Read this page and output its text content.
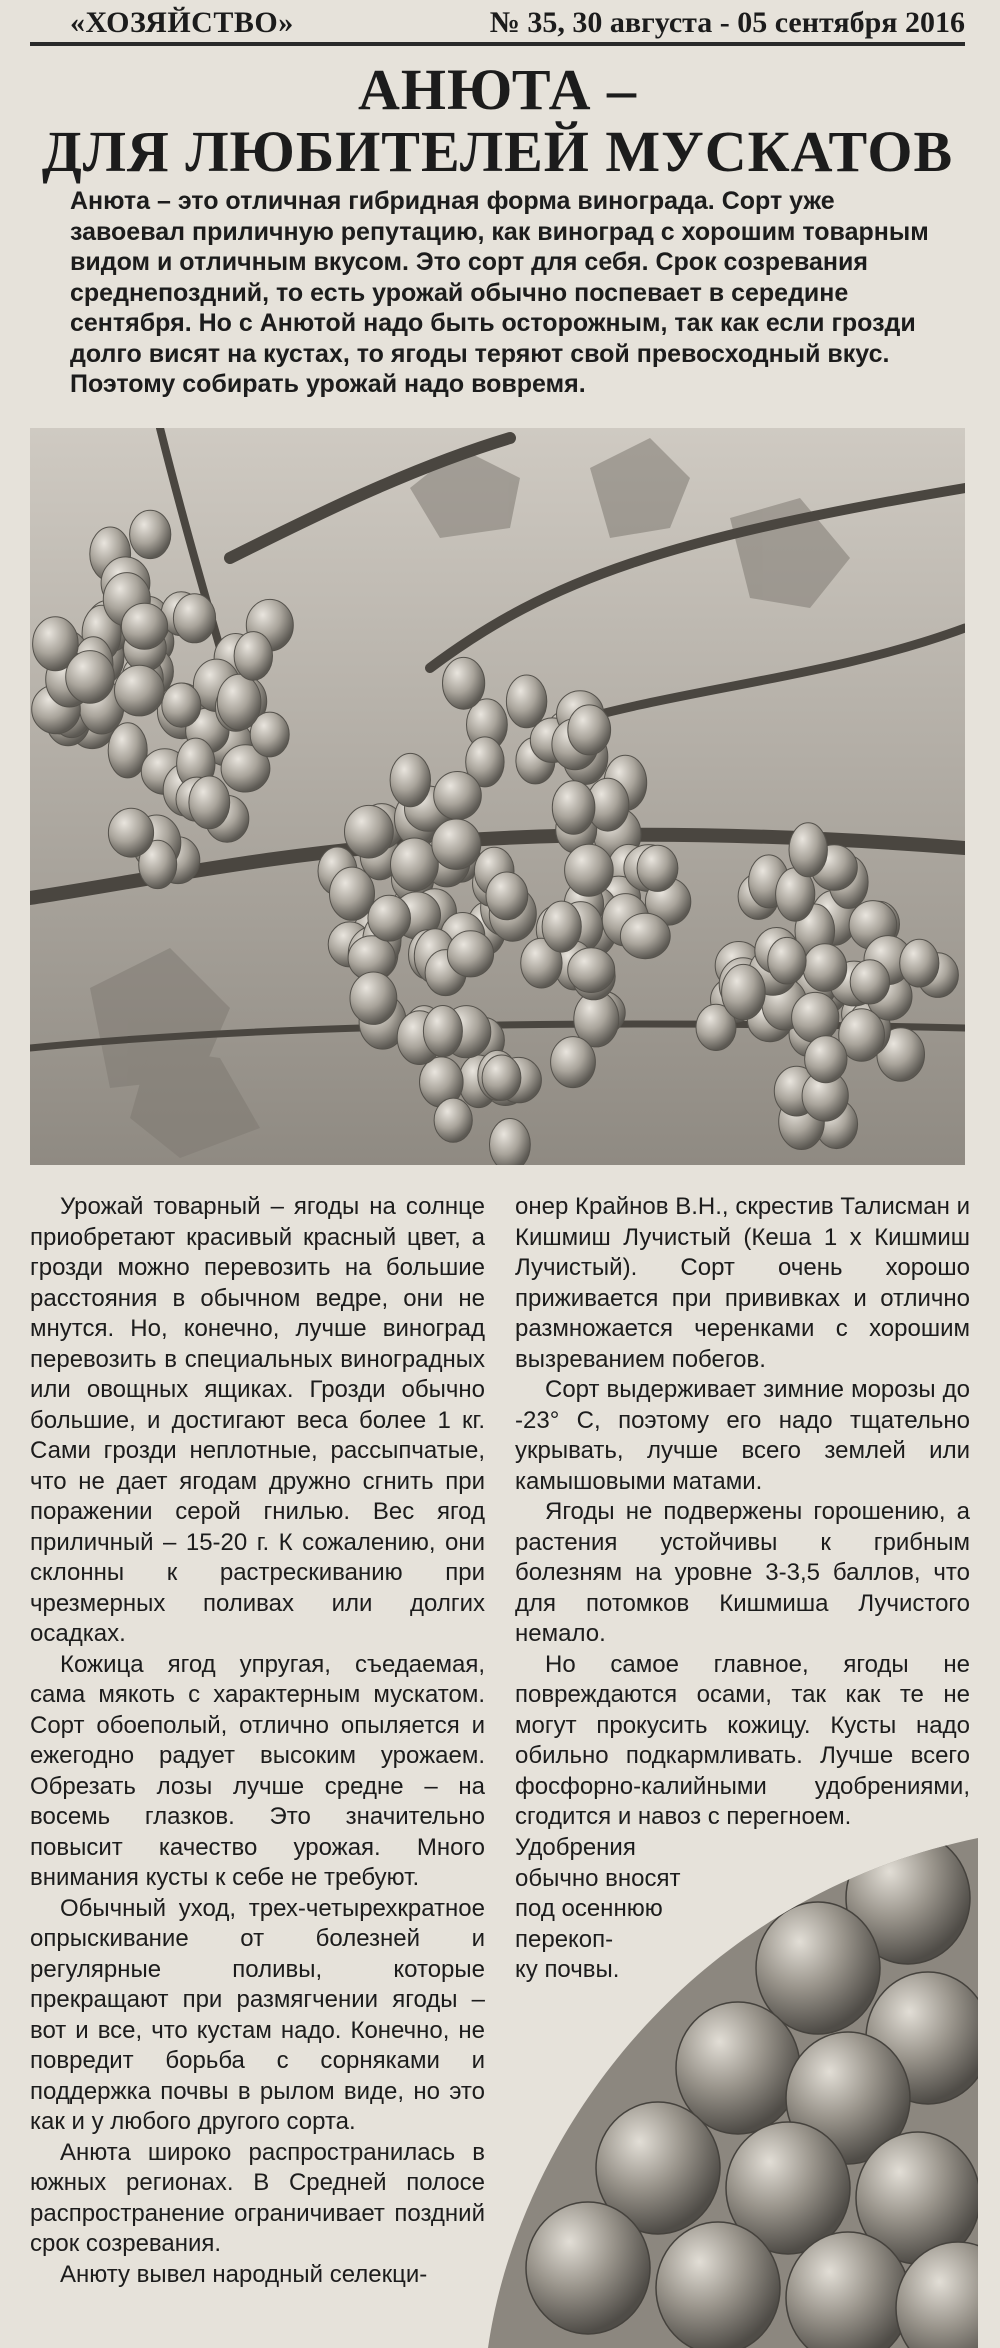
«ХОЗЯЙСТВО»	№ 35, 30 августа - 05 сентября 2016
АНЮТА –
ДЛЯ ЛЮБИТЕЛЕЙ МУСКАТОВ

Анюта – это отличная гибридная форма винограда. Сорт уже завоевал приличную репутацию, как виноград с хорошим товарным видом и отличным вкусом. Это сорт для себя. Срок созревания среднепоздний, то есть урожай обычно поспевает в середине сентября. Но с Анютой надо быть осторожным, так как если грозди долго висят на кустах, то ягоды теряют свой превосходный вкус. Поэтому собирать урожай надо вовремя.

Урожай товарный – ягоды на солнце приобретают красивый красный цвет, а грозди можно перевозить на большие расстояния в обычном ведре, они не мнутся. Но, конечно, лучше виноград перевозить в специальных виноградных или овощных ящиках. Грозди обычно большие, и достигают веса более 1 кг. Сами грозди неплотные, рассыпчатые, что не дает ягодам дружно сгнить при поражении серой гнилью. Вес ягод приличный – 15-20 г. К сожалению, они склонны к растрескиванию при чрезмерных поливах или долгих осадках.

Кожица ягод упругая, съедаемая, сама мякоть с характерным мускатом. Сорт обоеполый, отлично опыляется и ежегодно радует высоким урожаем. Обрезать лозы лучше средне – на восемь глазков. Это значительно повысит качество урожая. Много внимания кусты к себе не требуют.

Обычный уход, трех-четырехкратное опрыскивание от болезней и регулярные поливы, которые прекращают при размягчении ягоды – вот и все, что кустам надо. Конечно, не повредит борьба с сорняками и поддержка почвы в рылом виде, но это как и у любого другого сорта.

Анюта широко распространилась в южных регионах. В Средней полосе распространение ограничивает поздний срок созревания.

Анюту вывел народный селекци-

онер Крайнов В.Н., скрестив Талисман и Кишмиш Лучистый (Кеша 1 х Кишмиш Лучистый). Сорт очень хорошо приживается при прививках и отлично размножается черенками с хорошим вызреванием побегов.

Сорт выдерживает зимние морозы до -23° С, поэтому его надо тщательно укрывать, лучше всего землей или камышовыми матами.

Ягоды не подвержены горошению, а растения устойчивы к грибным болезням на уровне 3-3,5 баллов, что для потомков Кишмиша Лучистого немало.

Но самое главное, ягоды не повреждаются осами, так как те не могут прокусить кожицу. Кусты надо обильно подкармливать. Лучше всего фосфорно-калийными удобрениями, сгодится и навоз с перегноем.

Удобрения
обычно вносят
под осеннюю
перекоп-
ку почвы.
